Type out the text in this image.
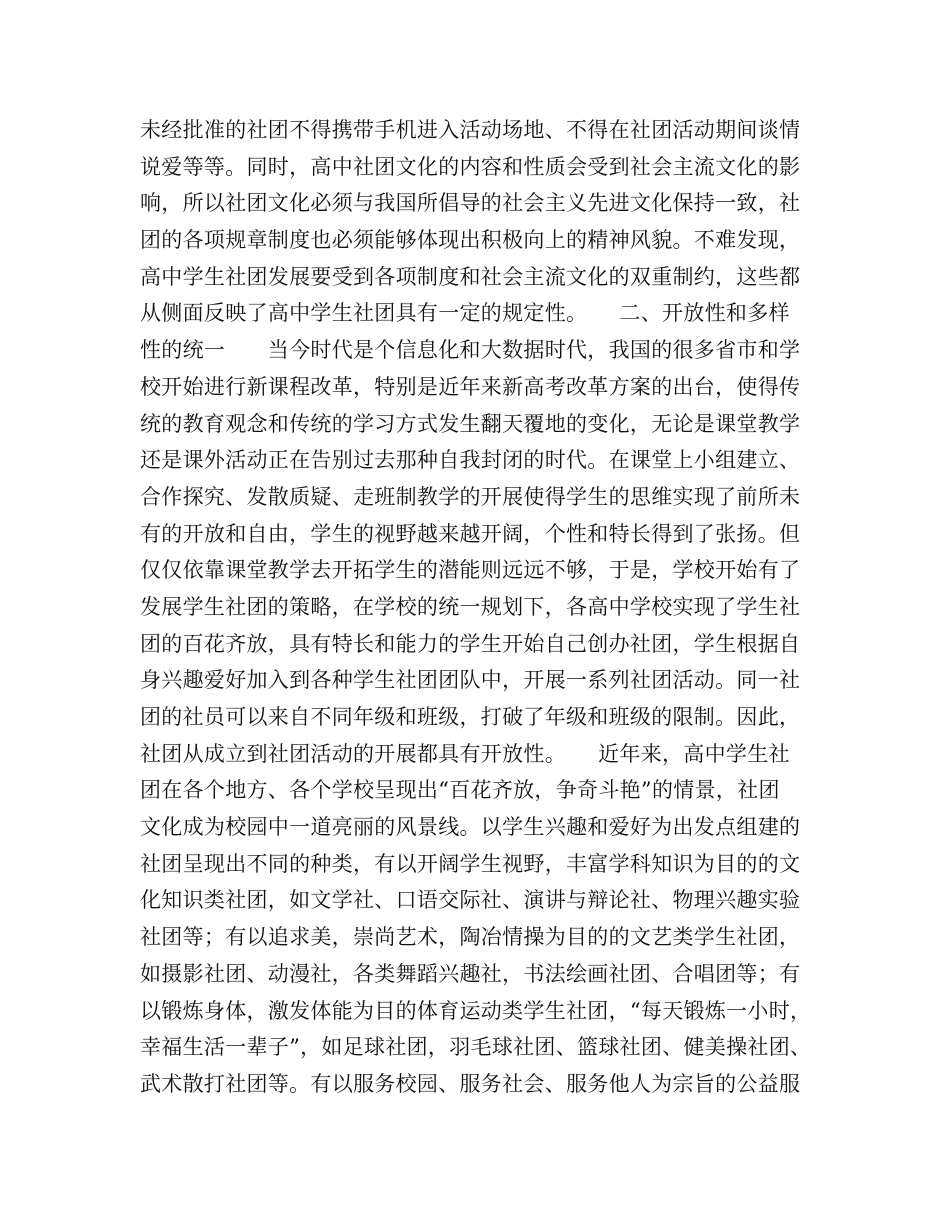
未经批准的社团不得携带手机进入活动场地、不得在社团活动期间谈情
说爱等等。同时，高中社团文化的内容和性质会受到社会主流文化的影
响，所以社团文化必须与我国所倡导的社会主义先进文化保持一致，社
团的各项规章制度也必须能够体现出积极向上的精神风貌。不难发现，
高中学生社团发展要受到各项制度和社会主流文化的双重制约，这些都
从侧面反映了高中学生社团具有一定的规定性。　　二、开放性和多样
性的统一　　当今时代是个信息化和大数据时代，我国的很多省市和学
校开始进行新课程改革，特别是近年来新高考改革方案的出台，使得传
统的教育观念和传统的学习方式发生翻天覆地的变化，无论是课堂教学
还是课外活动正在告别过去那种自我封闭的时代。在课堂上小组建立、
合作探究、发散质疑、走班制教学的开展使得学生的思维实现了前所未
有的开放和自由，学生的视野越来越开阔，个性和特长得到了张扬。但
仅仅依靠课堂教学去开拓学生的潜能则远远不够，于是，学校开始有了
发展学生社团的策略，在学校的统一规划下，各高中学校实现了学生社
团的百花齐放，具有特长和能力的学生开始自己创办社团，学生根据自
身兴趣爱好加入到各种学生社团团队中，开展一系列社团活动。同一社
团的社员可以来自不同年级和班级，打破了年级和班级的限制。因此，
社团从成立到社团活动的开展都具有开放性。　　近年来，高中学生社
团在各个地方、各个学校呈现出“百花齐放，争奇斗艳”的情景，社团
文化成为校园中一道亮丽的风景线。以学生兴趣和爱好为出发点组建的
社团呈现出不同的种类，有以开阔学生视野，丰富学科知识为目的的文
化知识类社团，如文学社、口语交际社、演讲与辩论社、物理兴趣实验
社团等；有以追求美，崇尚艺术，陶冶情操为目的的文艺类学生社团，
如摄影社团、动漫社，各类舞蹈兴趣社，书法绘画社团、合唱团等；有
以锻炼身体，激发体能为目的体育运动类学生社团，“每天锻炼一小时，
幸福生活一辈子”，如足球社团，羽毛球社团、篮球社团、健美操社团、
武术散打社团等。有以服务校园、服务社会、服务他人为宗旨的公益服
